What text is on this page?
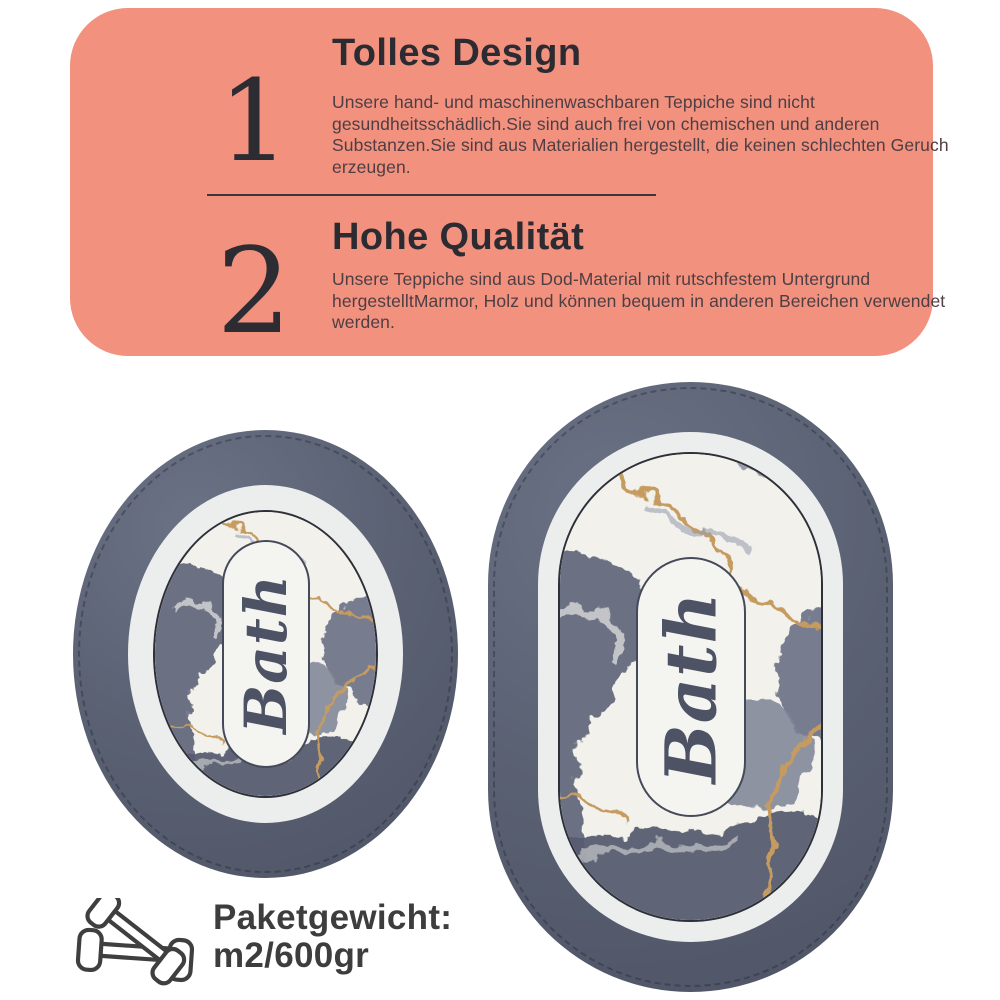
1
Tolles Design
Unsere hand- und maschinenwaschbaren Teppiche sind nicht gesundheitsschädlich.Sie sind auch frei von chemischen und anderen Substanzen.Sie sind aus Materialien hergestellt, die keinen schlechten Geruch erzeugen.
2 Hohe Qualität
Unsere Teppiche sind aus Dod-Material mit rutschfestem Untergrund hergestelltMarmor, Holz und können bequem in anderen Bereichen verwendet werden.
Bath	Bath
Paketgewicht:
m2/600gr
